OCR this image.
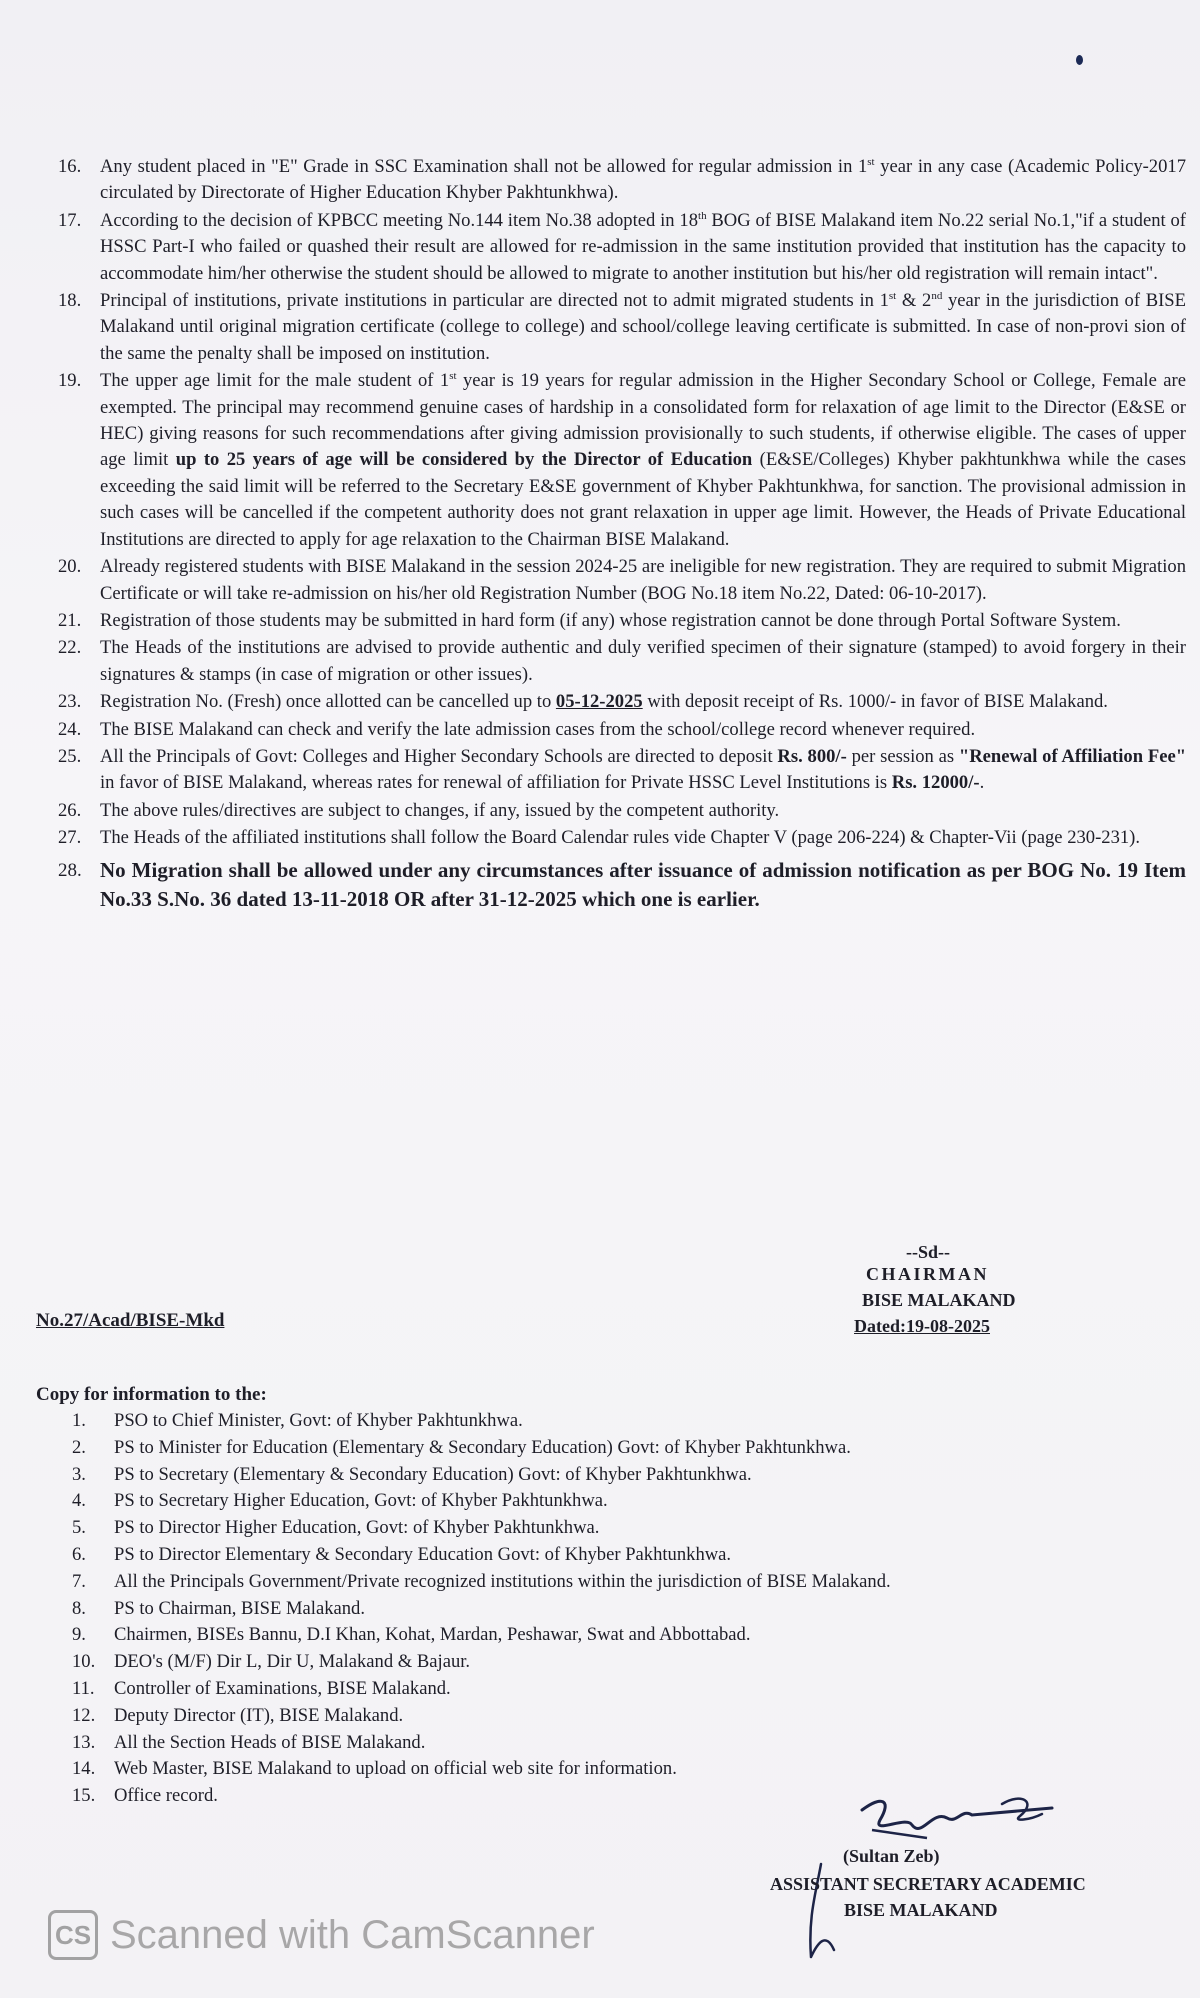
16.	Any student placed in "E" Grade in SSC Examination shall not be allowed for regular admission in 1st year in any case (Academic Policy-2017 circulated by Directorate of Higher Education Khyber Pakhtunkhwa).
17.	According to the decision of KPBCC meeting No.144 item No.38 adopted in 18th BOG of BISE Malakand item No.22 serial No.1,"if a student of HSSC Part-I who failed or quashed their result are allowed for re-admission in the same institution provided that institution has the capacity to accommodate him/her otherwise the student should be allowed to migrate to another institution but his/her old registration will remain intact".
18.	Principal of institutions, private institutions in particular are directed not to admit migrated students in 1st & 2nd year in the jurisdiction of BISE Malakand until original migration certificate (college to college) and school/college leaving certificate is submitted. In case of non-provi sion of the same the penalty shall be imposed on institution.
19.	The upper age limit for the male student of 1st year is 19 years for regular admission in the Higher Secondary School or College, Female are exempted. The principal may recommend genuine cases of hardship in a consolidated form for relaxation of age limit to the Director (E&SE or HEC) giving reasons for such recommendations after giving admission provisionally to such students, if otherwise eligible. The cases of upper age limit up to 25 years of age will be considered by the Director of Education (E&SE/Colleges) Khyber pakhtunkhwa while the cases exceeding the said limit will be referred to the Secretary E&SE government of Khyber Pakhtunkhwa, for sanction. The provisional admission in such cases will be cancelled if the competent authority does not grant relaxation in upper age limit. However, the Heads of Private Educational Institutions are directed to apply for age relaxation to the Chairman BISE Malakand.
20.	Already registered students with BISE Malakand in the session 2024-25 are ineligible for new registration. They are required to submit Migration Certificate or will take re-admission on his/her old Registration Number (BOG No.18 item No.22, Dated: 06-10-2017).
21.	Registration of those students may be submitted in hard form (if any) whose registration cannot be done through Portal Software System.
22.	The Heads of the institutions are advised to provide authentic and duly verified specimen of their signature (stamped) to avoid forgery in their signatures & stamps (in case of migration or other issues).
23.	Registration No. (Fresh) once allotted can be cancelled up to 05-12-2025 with deposit receipt of Rs. 1000/- in favor of BISE Malakand.
24.	The BISE Malakand can check and verify the late admission cases from the school/college record whenever required.
25.	All the Principals of Govt: Colleges and Higher Secondary Schools are directed to deposit Rs. 800/- per session as "Renewal of Affiliation Fee" in favor of BISE Malakand, whereas rates for renewal of affiliation for Private HSSC Level Institutions is Rs. 12000/-.
26.	The above rules/directives are subject to changes, if any, issued by the competent authority.
27.	The Heads of the affiliated institutions shall follow the Board Calendar rules vide Chapter V (page 206-224) & Chapter-Vii (page 230-231).
28. No Migration shall be allowed under any circumstances after issuance of admission notification as per BOG No. 19 Item No.33 S.No. 36 dated 13-11-2018 OR after 31-12-2025 which one is earlier.
--Sd--
CHAIRMAN
BISE MALAKAND
Dated:19-08-2025
No.27/Acad/BISE-Mkd
Copy for information to the:
1. PSO to Chief Minister, Govt: of Khyber Pakhtunkhwa.
2. PS to Minister for Education (Elementary & Secondary Education) Govt: of Khyber Pakhtunkhwa.
3. PS to Secretary (Elementary & Secondary Education) Govt: of Khyber Pakhtunkhwa.
4. PS to Secretary Higher Education, Govt: of Khyber Pakhtunkhwa.
5. PS to Director Higher Education, Govt: of Khyber Pakhtunkhwa.
6. PS to Director Elementary & Secondary Education Govt: of Khyber Pakhtunkhwa.
7. All the Principals Government/Private recognized institutions within the jurisdiction of BISE Malakand.
8. PS to Chairman, BISE Malakand.
9. Chairmen, BISEs Bannu, D.I Khan, Kohat, Mardan, Peshawar, Swat and Abbottabad.
10. DEO's (M/F) Dir L, Dir U, Malakand & Bajaur.
11. Controller of Examinations, BISE Malakand.
12. Deputy Director (IT), BISE Malakand.
13. All the Section Heads of BISE Malakand.
14. Web Master, BISE Malakand to upload on official web site for information.
15. Office record.
(Sultan Zeb)
ASSISTANT SECRETARY ACADEMIC
BISE MALAKAND
CS Scanned with CamScanner
